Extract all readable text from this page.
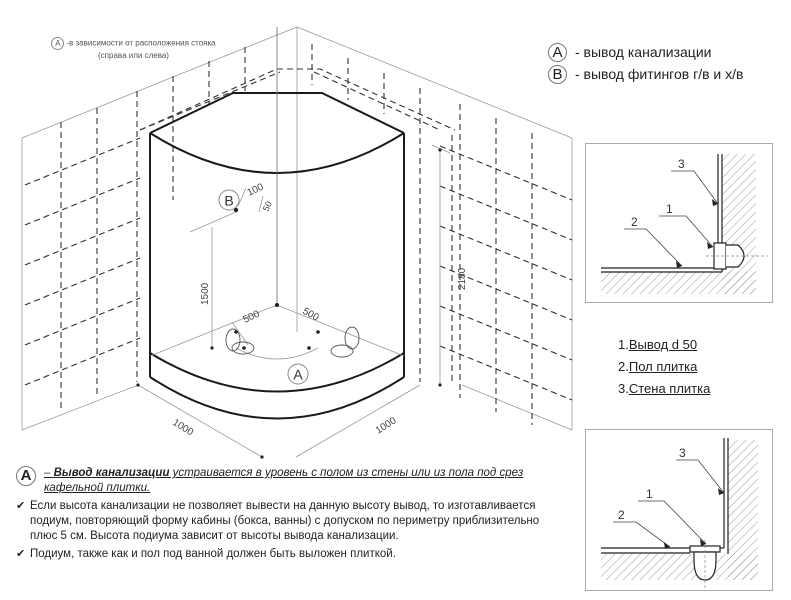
B
A
100
50
1500
500	500
2180
1000	1000
A -в зависимости от расположения стояка
(справа или слева)	A - вывод канализации
B - вывод фитингов г/в и х/в
3
1
2
1.Вывод d 50
2.Пол плитка
3.Стена плитка
3
1
2
A	– Вывод канализации устраивается в уровень с полом из стены или из пола под срез кафельной плитки.
✔ Если высота канализации не позволяет вывести на данную высоту вывод, то изготавливается подиум, повторяющий форму кабины (бокса, ванны) с допуском по периметру приблизительно плюс 5 см. Высота подиума зависит от высоты вывода канализации.
✔ Подиум, также как и пол под ванной должен быть выложен плиткой.
